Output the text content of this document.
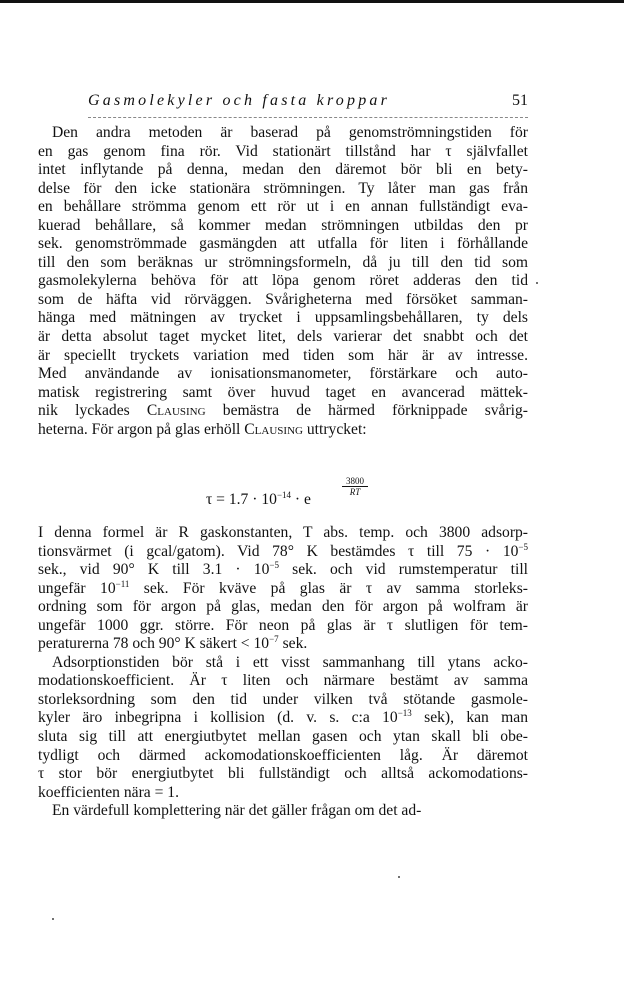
Gasmolekyler och fasta kroppar	51
Den andra metoden är baserad på genomströmningstiden för
en gas genom fina rör. Vid stationärt tillstånd har τ självfallet
intet inflytande på denna, medan den däremot bör bli en bety-
delse för den icke stationära strömningen. Ty låter man gas från
en behållare strömma genom ett rör ut i en annan fullständigt eva-
kuerad behållare, så kommer medan strömningen utbildas den pr
sek. genomströmmade gasmängden att utfalla för liten i förhållande
till den som beräknas ur strömningsformeln, då ju till den tid som
gasmolekylerna behöva för att löpa genom röret adderas den tid
som de häfta vid rörväggen. Svårigheterna med försöket samman-
hänga med mätningen av trycket i uppsamlingsbehållaren, ty dels
är detta absolut taget mycket litet, dels varierar det snabbt och det
är speciellt tryckets variation med tiden som här är av intresse.
Med användande av ionisationsmanometer, förstärkare och auto-
matisk registrering samt över huvud taget en avancerad mättek-
nik lyckades Clausing bemästra de härmed förknippade svårig-
heterna. För argon på glas erhöll Clausing uttrycket:
$\tau = 1.7 \cdot 10^{-14} \cdot e$
$\frac{3800}{RT}$
I denna formel är R gaskonstanten, T abs. temp. och 3800 adsorp-
tionsvärmet (i gcal/gatom). Vid 78° K bestämdes τ till $75 \cdot 10^{-5}$
sek., vid 90° K till $3.1 \cdot 10^{-5}$ sek. och vid rumstemperatur till
ungefär $10^{-11}$ sek. För kväve på glas är τ av samma storleks-
ordning som för argon på glas, medan den för argon på wolfram är
ungefär 1000 ggr. större. För neon på glas är τ slutligen för tem-
peraturerna 78 och 90° K säkert < $10^{-7}$ sek.
Adsorptionstiden bör stå i ett visst sammanhang till ytans acko-
modationskoefficient. Är τ liten och närmare bestämt av samma
storleksordning som den tid under vilken två stötande gasmole-
kyler äro inbegripna i kollision (d. v. s. c:a $10^{-13}$ sek), kan man
sluta sig till att energiutbytet mellan gasen och ytan skall bli obe-
tydligt och därmed ackomodationskoefficienten låg. Är däremot
τ stor bör energiutbytet bli fullständigt och alltså ackomodations-
koefficienten nära = 1.
En värdefull komplettering när det gäller frågan om det ad-
